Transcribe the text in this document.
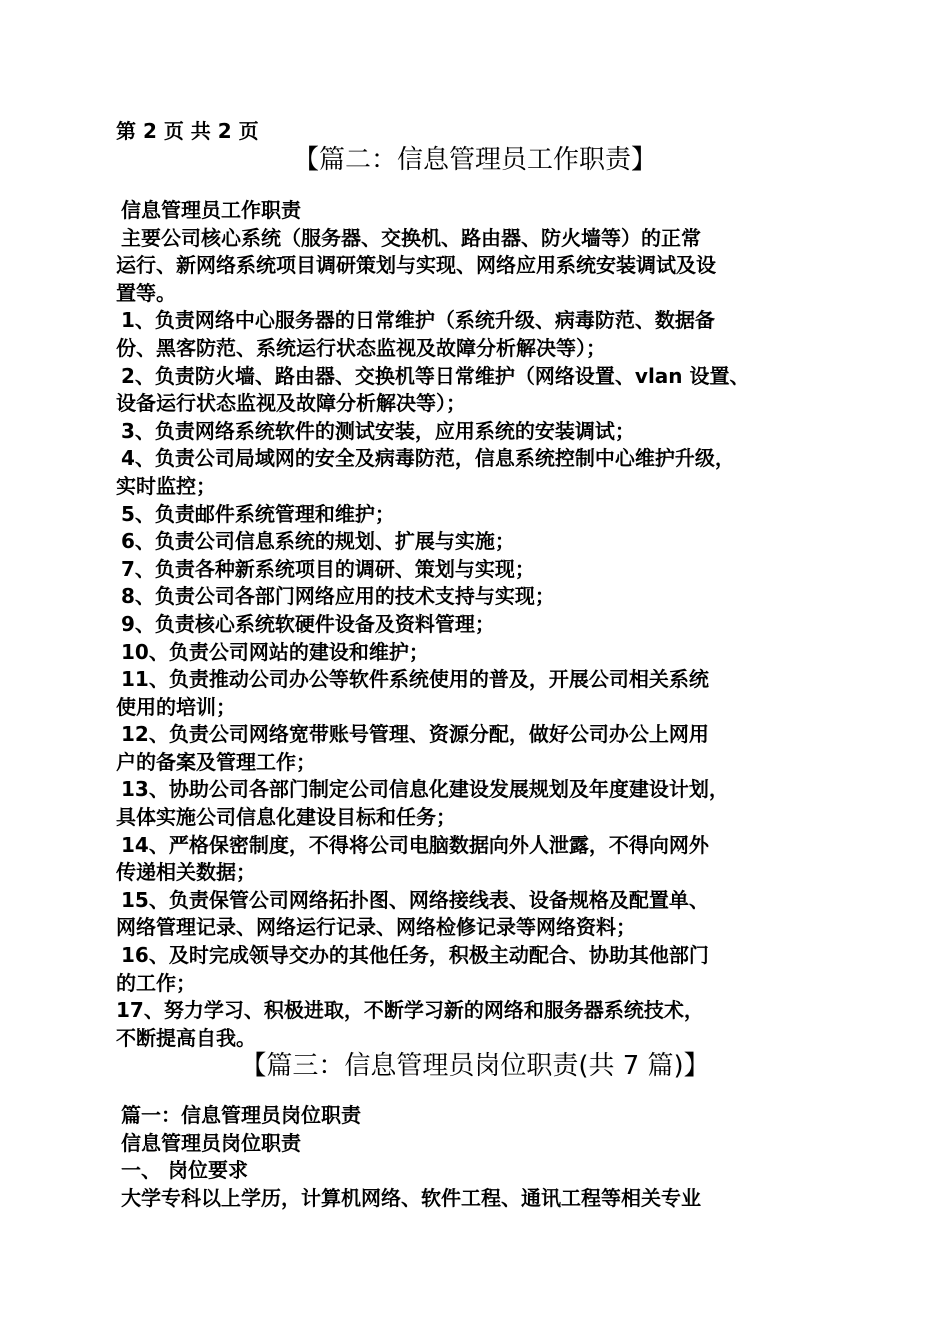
第 2 页 共 2 页
【篇二：信息管理员工作职责】
信息管理员工作职责
主要公司核心系统（服务器、交换机、路由器、防火墙等）的正常
运行、新网络系统项目调研策划与实现、网络应用系统安装调试及设
置等。
1、负责网络中心服务器的日常维护（系统升级、病毒防范、数据备
份、黑客防范、系统运行状态监视及故障分析解决等）；
2、负责防火墙、路由器、交换机等日常维护（网络设置、vlan 设置、
设备运行状态监视及故障分析解决等）；
3、负责网络系统软件的测试安装，应用系统的安装调试；
4、负责公司局域网的安全及病毒防范，信息系统控制中心维护升级，
实时监控；
5、负责邮件系统管理和维护；
6、负责公司信息系统的规划、扩展与实施；
7、负责各种新系统项目的调研、策划与实现；
8、负责公司各部门网络应用的技术支持与实现；
9、负责核心系统软硬件设备及资料管理；
10、负责公司网站的建设和维护；
11、负责推动公司办公等软件系统使用的普及，开展公司相关系统
使用的培训；
12、负责公司网络宽带账号管理、资源分配，做好公司办公上网用
户的备案及管理工作；
13、协助公司各部门制定公司信息化建设发展规划及年度建设计划，
具体实施公司信息化建设目标和任务；
14、严格保密制度，不得将公司电脑数据向外人泄露，不得向网外
传递相关数据；
15、负责保管公司网络拓扑图、网络接线表、设备规格及配置单、
网络管理记录、网络运行记录、网络检修记录等网络资料；
16、及时完成领导交办的其他任务，积极主动配合、协助其他部门
的工作；
17、努力学习、积极进取，不断学习新的网络和服务器系统技术，
不断提高自我。
【篇三：信息管理员岗位职责(共 7 篇)】
篇一：信息管理员岗位职责
信息管理员岗位职责
一、 岗位要求
大学专科以上学历，计算机网络、软件工程、通讯工程等相关专业
